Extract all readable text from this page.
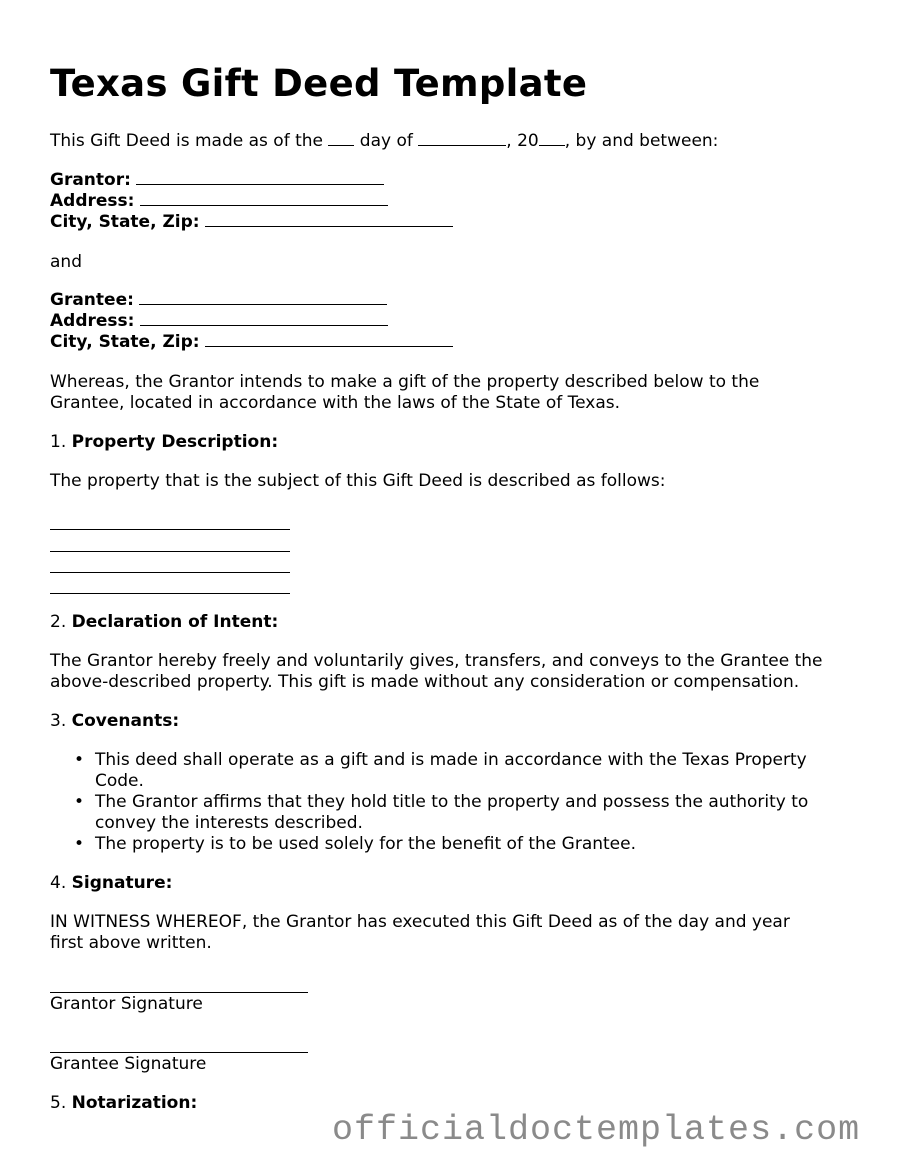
Texas Gift Deed Template
This Gift Deed is made as of the day of	, 20 , by and between:
Grantor:
Address:
City, State, Zip:
and
Grantee:
Address:
City, State, Zip:
Whereas, the Grantor intends to make a gift of the property described below to the
Grantee, located in accordance with the laws of the State of Texas.
1. Property Description:
The property that is the subject of this Gift Deed is described as follows:
2. Declaration of Intent:
The Grantor hereby freely and voluntarily gives, transfers, and conveys to the Grantee the
above-described property. This gift is made without any consideration or compensation.
3. Covenants:
• This deed shall operate as a gift and is made in accordance with the Texas Property
Code.
• The Grantor affirms that they hold title to the property and possess the authority to
convey the interests described.
• The property is to be used solely for the benefit of the Grantee.
4. Signature:
IN WITNESS WHEREOF, the Grantor has executed this Gift Deed as of the day and year
first above written.
Grantor Signature
Grantee Signature
5. Notarization:
officialdoctemplates.com
